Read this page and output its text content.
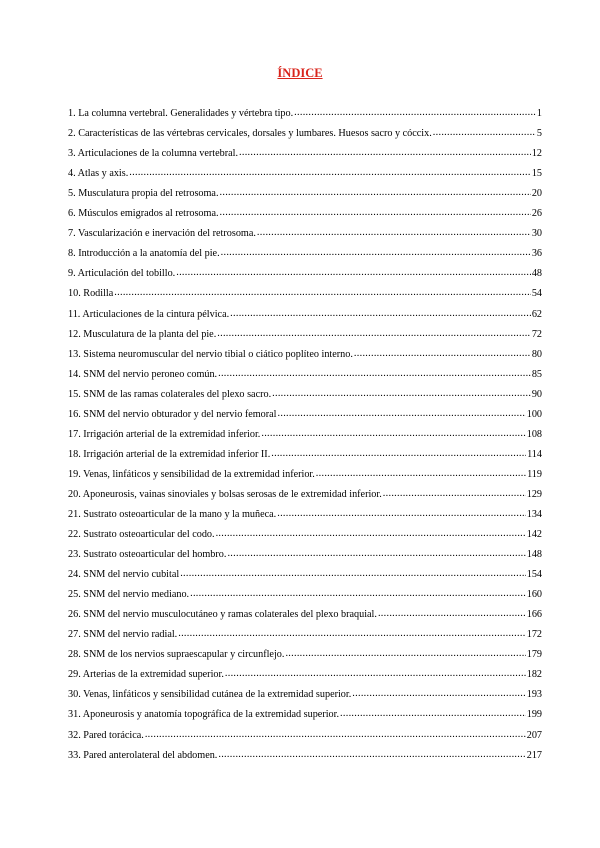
ÍNDICE
1. La columna vertebral. Generalidades y vértebra tipo. .....	1
2. Características de las vértebras cervicales, dorsales y lumbares. Huesos sacro y cóccix. .....	5
3. Articulaciones de la columna vertebral. .....	12
4. Atlas y axis. .....	15
5. Musculatura propia del retrosoma. .....	20
6. Músculos emigrados al retrosoma. .....	26
7. Vascularización e inervación del retrosoma. .....	30
8. Introducción a la anatomía del pie. .....	36
9. Articulación del tobillo. .....	48
10. Rodilla .....	54
11. Articulaciones de la cintura pélvica. .....	62
12. Musculatura de la planta del pie. .....	72
13. Sistema neuromuscular del nervio tibial o ciático poplíteo interno. .....	80
14. SNM del nervio peroneo común. .....	85
15. SNM de las ramas colaterales del plexo sacro. .....	90
16. SNM del nervio obturador y del nervio femoral .....	100
17. Irrigación arterial de la extremidad inferior. .....	108
18. Irrigación arterial de la extremidad inferior II. .....	114
19. Venas, linfáticos y sensibilidad de la extremidad inferior. .....	119
20. Aponeurosis, vainas sinoviales y bolsas serosas de le extremidad inferior. .....	129
21. Sustrato osteoarticular de la mano y la muñeca. .....	134
22. Sustrato osteoarticular del codo. .....	142
23. Sustrato osteoarticular del hombro. .....	148
24. SNM del nervio cubital .....	154
25. SNM del nervio mediano. .....	160
26. SNM del nervio musculocutáneo y ramas colaterales del plexo braquial. .....	166
27. SNM del nervio radial. .....	172
28. SNM de los nervios supraescapular y circunflejo. .....	179
29. Arterias de la extremidad superior. .....	182
30. Venas, linfáticos y sensibilidad cutánea de la extremidad superior. .....	193
31. Aponeurosis y anatomía topográfica de la extremidad superior. .....	199
32. Pared torácica. .....	207
33. Pared anterolateral del abdomen. .....	217
